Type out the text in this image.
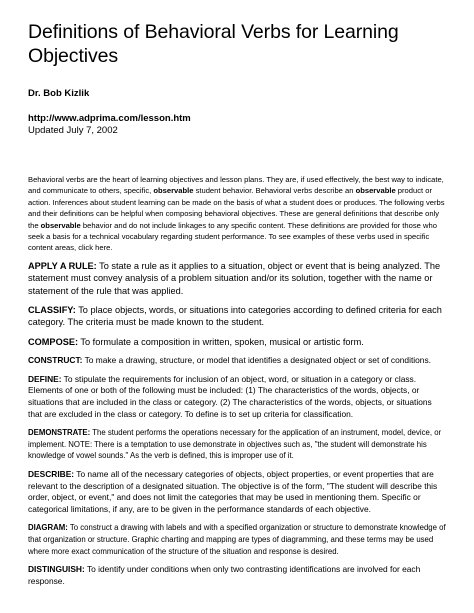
Definitions of Behavioral Verbs for Learning Objectives

Dr. Bob Kizlik

http://www.adprima.com/lesson.htm

Updated July 7, 2002

Behavioral verbs are the heart of learning objectives and lesson plans. They are, if used effectively, the best way to indicate, and communicate to others, specific, observable student behavior. Behavioral verbs describe an observable product or action. Inferences about student learning can be made on the basis of what a student does or produces. The following verbs and their definitions can be helpful when composing behavioral objectives. These are general definitions that describe only the observable behavior and do not include linkages to any specific content. These definitions are provided for those who seek a basis for a technical vocabulary regarding student performance. To see examples of these verbs used in specific content areas, click here.

APPLY A RULE: To state a rule as it applies to a situation, object or event that is being analyzed. The statement must convey analysis of a problem situation and/or its solution, together with the name or statement of the rule that was applied.

CLASSIFY: To place objects, words, or situations into categories according to defined criteria for each category. The criteria must be made known to the student.

COMPOSE: To formulate a composition in written, spoken, musical or artistic form.

CONSTRUCT: To make a drawing, structure, or model that identifies a designated object or set of conditions.

DEFINE: To stipulate the requirements for inclusion of an object, word, or situation in a category or class. Elements of one or both of the following must be included: (1) The characteristics of the words, objects, or situations that are included in the class or category. (2) The characteristics of the words, objects, or situations that are excluded in the class or category. To define is to set up criteria for classification.

DEMONSTRATE: The student performs the operations necessary for the application of an instrument, model, device, or implement. NOTE: There is a temptation to use demonstrate in objectives such as, "the student will demonstrate his knowledge of vowel sounds." As the verb is defined, this is improper use of it.

DESCRIBE: To name all of the necessary categories of objects, object properties, or event properties that are relevant to the description of a designated situation. The objective is of the form, "The student will describe this order, object, or event," and does not limit the categories that may be used in mentioning them. Specific or categorical limitations, if any, are to be given in the performance standards of each objective.

DIAGRAM: To construct a drawing with labels and with a specified organization or structure to demonstrate knowledge of that organization or structure. Graphic charting and mapping are types of diagramming, and these terms may be used where more exact communication of the structure of the situation and response is desired.

DISTINGUISH: To identify under conditions when only two contrasting identifications are involved for each response.
